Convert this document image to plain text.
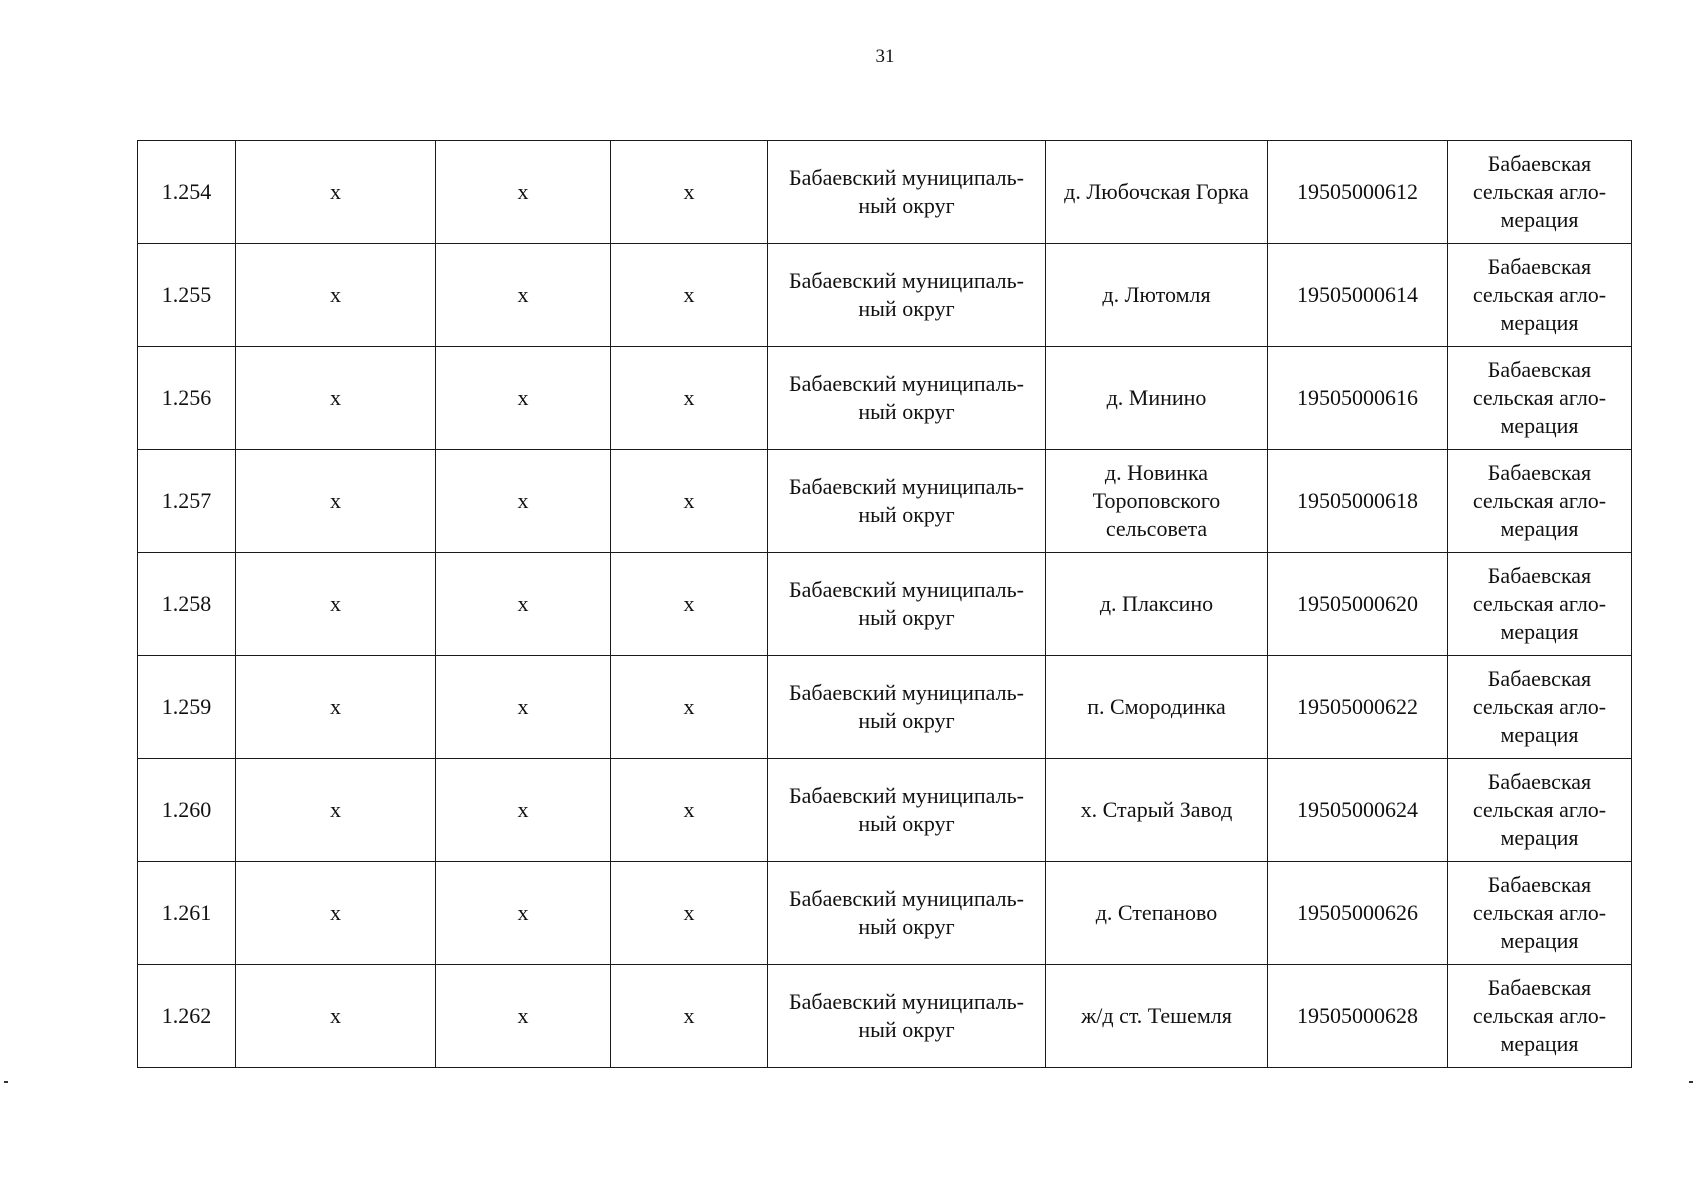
31
1.254	х	х	х	Бабаевский муниципаль-ный округ	д. Любочская Горка	19505000612	Бабаевская сельская агло-мерация
1.255	х	х	х	Бабаевский муниципаль-ный округ	д. Лютомля	19505000614	Бабаевская сельская агло-мерация
1.256	х	х	х	Бабаевский муниципаль-ный округ	д. Минино	19505000616	Бабаевская сельская агло-мерация
1.257	х	х	х	Бабаевский муниципаль-ный округ	д. Новинка Тороповского сельсовета	19505000618	Бабаевская сельская агло-мерация
1.258	х	х	х	Бабаевский муниципаль-ный округ	д. Плаксино	19505000620	Бабаевская сельская агло-мерация
1.259	х	х	х	Бабаевский муниципаль-ный округ	п. Смородинка	19505000622	Бабаевская сельская агло-мерация
1.260	х	х	х	Бабаевский муниципаль-ный округ	х. Старый Завод	19505000624	Бабаевская сельская агло-мерация
1.261	х	х	х	Бабаевский муниципаль-ный округ	д. Степаново	19505000626	Бабаевская сельская агло-мерация
1.262	х	х	х	Бабаевский муниципаль-ный округ	ж/д ст. Тешемля	19505000628	Бабаевская сельская агло-мерация
